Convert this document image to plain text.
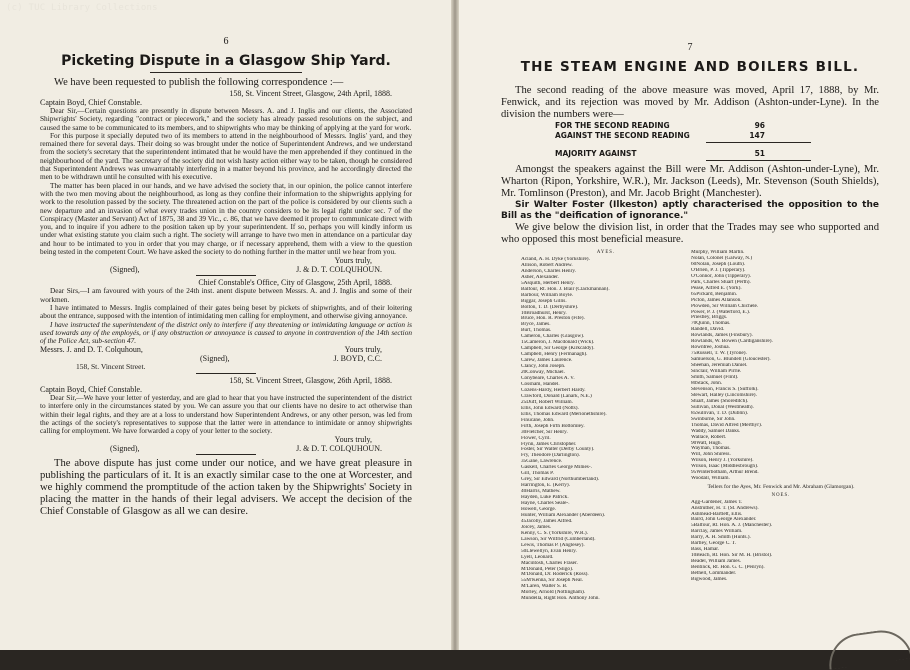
(c) TUC Library Collections

6

Picketing Dispute in a Glasgow Ship Yard.

We have been requested to publish the following correspondence :—

158, St. Vincent Street, Glasgow, 24th April, 1888.

Captain Boyd, Chief Constable.

Dear Sir,—Certain questions are presently in dispute between Messrs. A. and J. Inglis and our clients, the Associated Shipwrights' Society, regarding "contract or piecework," and the society has already passed resolutions on the subject, and caused the same to be communicated to its members, and to shipwrights who may be thinking of applying at the yard for work.

For this purpose it specially deputed two of its members to attend in the neighbourhood of Messrs. Inglis' yard, and they remained there for several days. Their doing so was brought under the notice of Superintendent Andrews, and we understand from the society's secretary that the superintendent intimated that he would have the men apprehended if they continued in the neighbourhood of the yard. The secretary of the society did not wish hasty action either way to be taken, though he considered that Superintendent Andrews was unwarrantably interfering in a matter beyond his province, and he accordingly directed the men to be withdrawn until he consulted with his executive.

The matter has been placed in our hands, and we have advised the society that, in our opinion, the police cannot interfere with the two men moving about the neighbourhood, as long as they confine their information to the shipwrights applying for work to the resolution passed by the society. The threatened action on the part of the police is considered by our clients such a new departure and an invasion of what every trades union in the country considers to be its legal right under sec. 7 of the Conspiracy (Master and Servant) Act of 1875, 38 and 39 Vic., c. 86, that we have deemed it proper to communicate direct with you, and to inquire if you adhere to the position taken up by your superintendent. If so, perhaps you will kindly inform us under what existing statute you claim such a right. The society will arrange to have two men in attendance on a particular day and hour to be intimated to you in order that you may charge, or if necessary apprehend, them with a view to the question being tested in the competent Court. We have asked the society to do nothing further in the matter until we hear from you.

Yours truly,

(Signed),	J. & D. T. COLQUHOUN.

Chief Constable's Office, City of Glasgow, 25th April, 1888.

Dear Sirs,—I am favoured with yours of the 24th inst. anent dispute between Messrs. A. and J. Inglis and some of their workmen.

I have intimated to Messrs. Inglis complained of their gates being beset by pickets of shipwrights, and of their loitering about the entrance, supposed with the intention of intimidating men calling for employment, and otherwise giving annoyance.

I have instructed the superintendent of the district only to interfere if any threatening or intimidating language or action is used towards any of the employés, or if any obstruction or annoyance is caused to anyone in contravention of the 14th section of the Police Act, sub-section 47.

Messrs. J. and D. T. Colquhoun,	Yours truly,

(Signed),	J. BOYD, C.C.

158, St. Vincent Street.

158, St. Vincent Street, Glasgow, 26th April, 1888.

Captain Boyd, Chief Constable.

Dear Sir,—We have your letter of yesterday, and are glad to hear that you have instructed the superintendent of the district to interfere only in the circumstances stated by you. We can assure you that our clients have no desire to act otherwise than within their legal rights, and they are at a loss to understand how Superintendent Andrews, or any other person, was led from the actings of the society's representatives to suppose that the latter were in attendance to intimidate or annoy shipwrights calling for employment. We have forwarded a copy of your letter to the society.

Yours truly,

(Signed),	J. & D. T. COLQUHOUN.

The above dispute has just come under our notice, and we have great pleasure in publishing the particulars of it. It is an exactly similar case to the one at Worcester, and we highly commend the promptitude of the action taken by the Shipwrights' Society in placing the matter in the hands of their legal advisers. We accept the decision of the Chief Constable of Glasgow as all we can desire.

7

THE STEAM ENGINE AND BOILERS BILL.

The second reading of the above measure was moved, April 17, 1888, by Mr. Fenwick, and its rejection was moved by Mr. Addison (Ashton-under-Lyne). In the division the numbers were—

FOR THE SECOND READING	96
AGAINST THE SECOND READING	147
MAJORITY AGAINST	51

Amongst the speakers against the Bill were Mr. Addison (Ashton-under-Lyne), Mr. Wharton (Ripon, Yorkshire, W.R.), Mr. Jackson (Leeds), Mr. Stevenson (South Shields), Mr. Tomlinson (Preston), and Mr. Jacob Bright (Manchester).

Sir Walter Foster (Ilkeston) aptly characterised the opposition to the Bill as the "deification of ignorance."

We give below the division list, in order that the Trades may see who supported and who opposed this most beneficial measure.

AYES.
Acland, A. H. Dyke (Yorkshire).
Allison, Robert Andrew.
Anderson, Charles Henry.
Asher, Alexander.
5Asquith, Herbert Henry.
Balfour, Rt. Hon. J. Blair (Clackmannan).
Barbour, William Boyle.
Biggar, Joseph Gillis.
Bolton, T. D. (Derbyshire).
10Broadhurst, Henry.
Bruce, Hon. R. Preston (Fife).
Bryce, James.
Burt, Thomas.
Cameron, Charles (Glasgow).
15Cameron, J. Macdonald (Wick).
Campbell, Sir George (Kirkcaldy).
Campbell, Henry (Fermanagh).
Carew, James Laurence.
Clancy, John Joseph.
20Conway, Michael.
Conybeare, Charles A. V.
Cossham, Handel.
Cozens-Hardy, Herbert Hardy.
Crawford, Donald (Lanark, N.E.)
25Duff, Robert William.
Ellis, John Edward (Notts).
Ellis, Thomas Edward (Merionethshire).
Finucane, John.
Firth, Joseph Firth Bottomley.
30Fletcher, Sir Henry.
Flower, Cyril.
Flynn, James Christopher.
Foster, Sir Walter (Derby County).
Fry, Theodore (Darlington).
35Gane, Lawrence.
Gaskell, Charles George Milnes-.
Gill, Thomas P.
Grey, Sir Edward (Northumberland).
Harrington, E. (Kerry).
40Harris, Mathew.
Hayden, Luke Patrick.
Hayne, Charles Seale-.
Howell, George.
Hunter, William Alexander (Aberdeen).
45Jacoby, James Alfred.
Joicey, James.
Kenny, C. S. (Yorkshire, W.R.).
Lawson, Sir Wilfrid (Cumberland).
Lewis, Thomas P. (Anglesey).
50Llewellyn, Evan Henry.
Lyell, Leonard.
Macintosh, Charles Fraser.
M'Donald, Peter (Sligo).
M'Donald, Dr. Roderick (Ross).
55M'Kenna, Sir Joseph Neal.
M'Laren, Walter S. B.
Morley, Arnold (Nottingham).
Mundella, Right Hon. Anthony John.
Murphy, William Martin.
Nolan, Colonel (Galway, N.)
60Nolan, Joseph (Louth).
O'Brien, P. J. (Tipperary).
O'Connor, John (Tipperary).
Park, Charles Stuart (Perth).
Pease, Alfred E. (York).
65Pickard, Benjamin.
Picton, James Allanson.
Plowden, Sir William Chichele.
Power, P. J. (Waterford, E.).
Priestley, Briggs.
70Quinn, Thomas.
Randell, David.
Rowlands, James (Finsbury).
Rowlands, W. Bowen (Cardiganshire).
Rowntree, Joshua.
75Russell, T. W. (Tyrone).
Samuelson, G. Blundell (Gloucester).
Sheehan, Jeremiah Daniel.
Sinclair, William Pirrie.
Smith, Samuel (Flint).
80Stack, John.
Stevenson, Francis S. (Suffolk).
Stewart, Halley (Lincolnshire).
Stuart, James (Shoreditch).
Sullivan, Donal (Westmeath).
85Sullivan, T. D. (Dublin).
Swinburne, Sir John.
Thomas, David Alfred (Merthyr).
Waddy, Samuel Danks.
Wallace, Robert.
90Watt, Hugh.
Wayman, Thomas.
Will, John Shiress.
Wilson, Henry J. (Yorkshire).
Wilson, Isaac (Middlesbrough).
95Winterbotham, Arthur Brend.
Woodall, William.
Tellers for the Ayes, Mr. Fenwick and Mr. Abraham (Glamorgan).
NOES.
Agg-Gardener, James T.
Anstruther, H. T. (St. Andrews).
Ashmead-Bartlett, Ellis.
Baird, John George Alexander.
5Balfour, Rt. Hon. A. J. (Manchester).
Barclay, James William.
Barry, A. H. Smith (Hunts.).
Bartley, George C. T.
Bass, Hamar.
10Beach, Rt. Hon. Sir M. H. (Bristol).
Beadel, William James.
Bentinck, Rt. Hon. G. C. (Penryn).
Bethell, Commander.
Bigwood, James.
